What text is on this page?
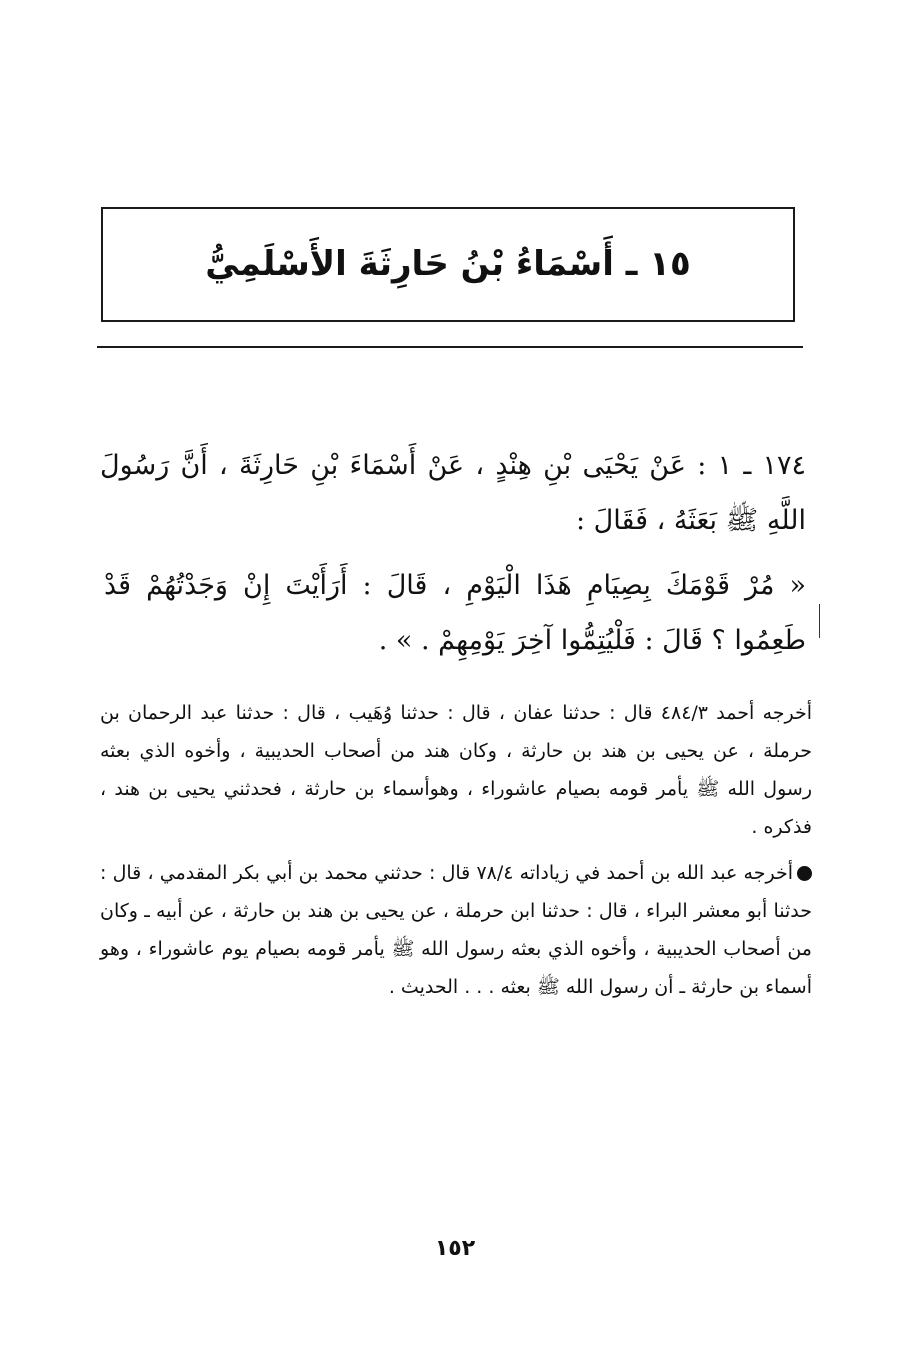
١٥ ـ أَسْمَاءُ بْنُ حَارِثَةَ الأَسْلَمِيُّ

١٧٤ ـ ١ : عَنْ يَحْيَى بْنِ هِنْدٍ ، عَنْ أَسْمَاءَ بْنِ حَارِثَةَ ، أَنَّ رَسُولَ اللَّهِ ﷺ بَعَثَهُ ، فَقَالَ :

« مُرْ قَوْمَكَ بِصِيَامِ هَذَا الْيَوْمِ ، قَالَ : أَرَأَيْتَ إِنْ وَجَدْتُهُمْ قَدْ طَعِمُوا ؟ قَالَ : فَلْيُتِمُّوا آخِرَ يَوْمِهِمْ . » .

أخرجه أحمد ٤٨٤/٣ قال : حدثنا عفان ، قال : حدثنا وُهَيب ، قال : حدثنا عبد الرحمان بن حرملة ، عن يحيى بن هند بن حارثة ، وكان هند من أصحاب الحديبية ، وأخوه الذي بعثه رسول الله ﷺ يأمر قومه بصيام عاشوراء ، وهوأسماء بن حارثة ، فحدثني يحيى بن هند ، فذكره .

أخرجه عبد الله بن أحمد في زياداته ٧٨/٤ قال : حدثني محمد بن أبي بكر المقدمي ، قال : حدثنا أبو معشر البراء ، قال : حدثنا ابن حرملة ، عن يحيى بن هند بن حارثة ، عن أبيه ـ وكان من أصحاب الحديبية ، وأخوه الذي بعثه رسول الله ﷺ يأمر قومه بصيام يوم عاشوراء ، وهو أسماء بن حارثة ـ أن رسول الله ﷺ بعثه . . . الحديث .

١٥٢
